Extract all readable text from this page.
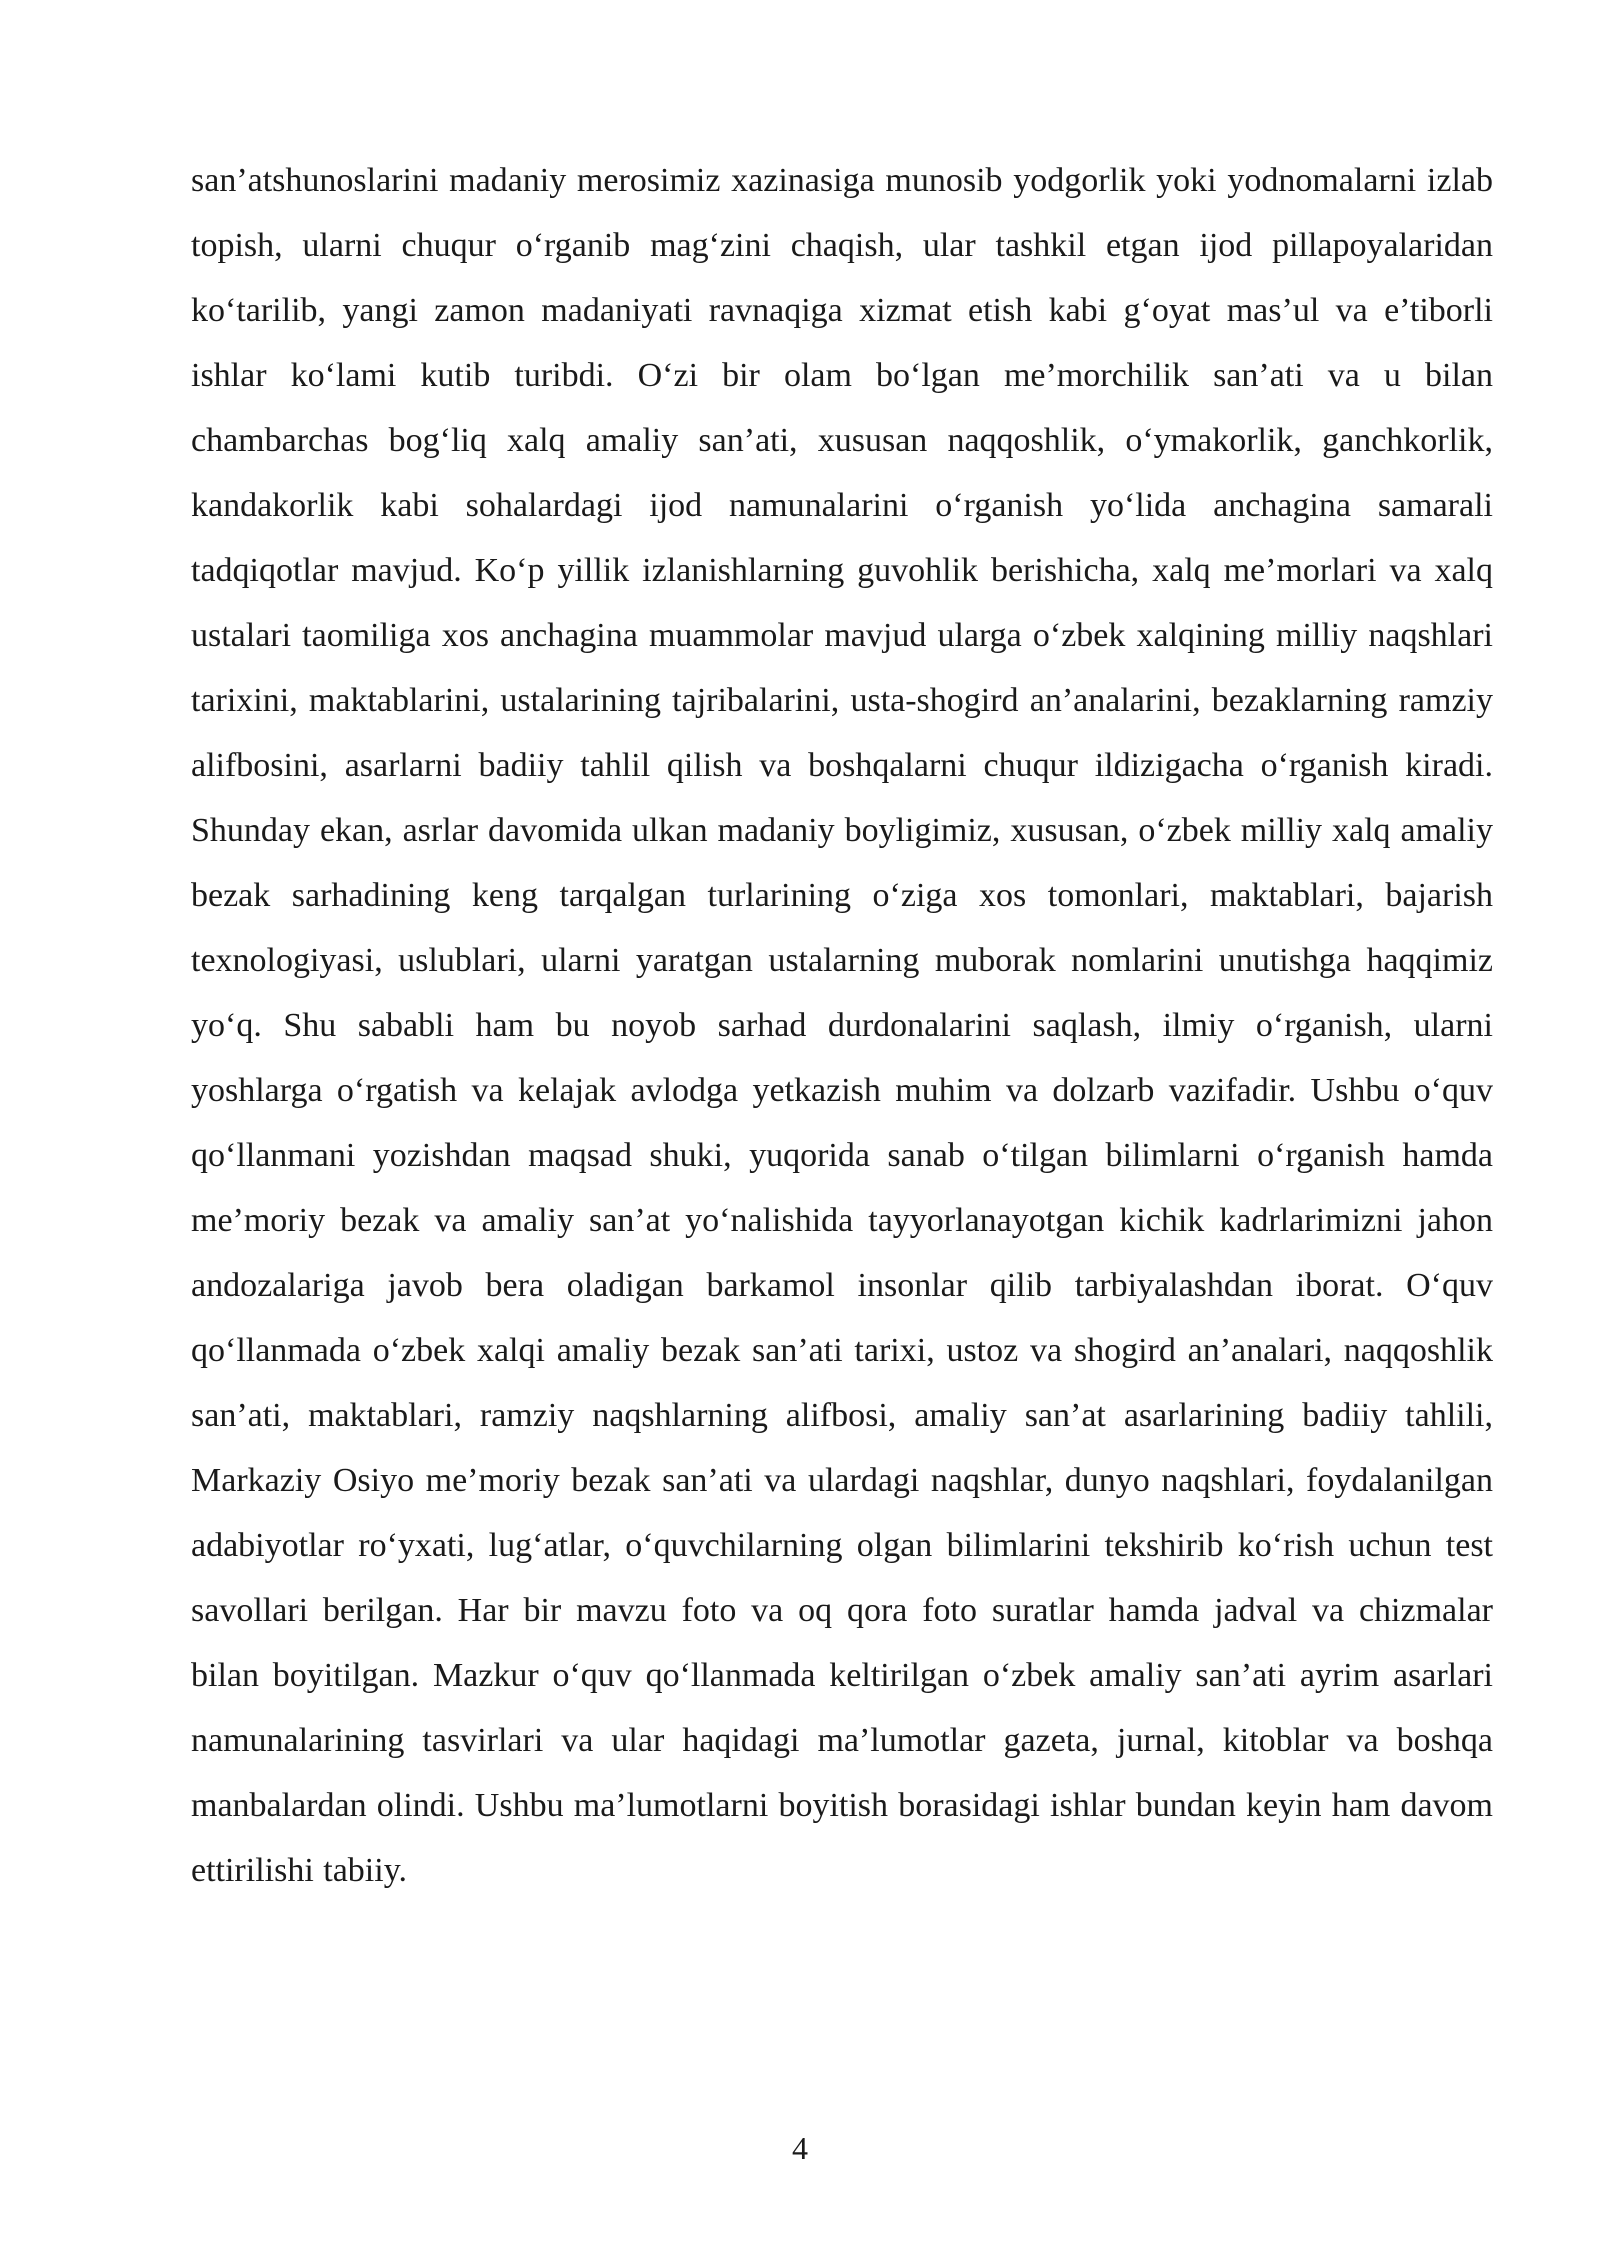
san’atshunoslarini madaniy merosimiz xazinasiga munosib yodgorlik yoki yodnomalarni izlab topish, ularni chuqur o‘rganib mag‘zini chaqish, ular tashkil etgan ijod pillapoyalaridan ko‘tarilib, yangi zamon madaniyati ravnaqiga xizmat etish kabi g‘oyat mas’ul va e’tiborli ishlar ko‘lami kutib turibdi. O‘zi bir olam bo‘lgan me’morchilik san’ati va u bilan chambarchas bog‘liq xalq amaliy san’ati, xususan naqqoshlik, o‘ymakorlik, ganchkorlik, kandakorlik kabi sohalardagi ijod namunalarini o‘rganish yo‘lida anchagina samarali tadqiqotlar mavjud. Ko‘p yillik izlanishlarning guvohlik berishicha, xalq me’morlari va xalq ustalari taomiliga xos anchagina muammolar mavjud ularga o‘zbek xalqining milliy naqshlari tarixini, maktablarini, ustalarining tajribalarini, usta-shogird an’analarini, bezaklarning ramziy alifbosini, asarlarni badiiy tahlil qilish va boshqalarni chuqur ildizigacha o‘rganish kiradi. Shunday ekan, asrlar davomida ulkan madaniy boyligimiz, xususan, o‘zbek milliy xalq amaliy bezak sarhadining keng tarqalgan turlarining o‘ziga xos tomonlari, maktablari, bajarish texnologiyasi, uslublari, ularni yaratgan ustalarning muborak nomlarini unutishga haqqimiz yo‘q. Shu sababli ham bu noyob sarhad durdonalarini saqlash, ilmiy o‘rganish, ularni yoshlarga o‘rgatish va kelajak avlodga yetkazish muhim va dolzarb vazifadir. Ushbu o‘quv qo‘llanmani yozishdan maqsad shuki, yuqorida sanab o‘tilgan bilimlarni o‘rganish hamda me’moriy bezak va amaliy san’at yo‘nalishida tayyorlanayotgan kichik kadrlarimizni jahon andozalariga javob bera oladigan barkamol insonlar qilib tarbiyalashdan iborat. O‘quv qo‘llanmada o‘zbek xalqi amaliy bezak san’ati tarixi, ustoz va shogird an’analari, naqqoshlik san’ati, maktablari, ramziy naqshlarning alifbosi, amaliy san’at asarlarining badiiy tahlili, Markaziy Osiyo me’moriy bezak san’ati va ulardagi naqshlar, dunyo naqshlari, foydalanilgan adabiyotlar ro‘yxati, lug‘atlar, o‘quvchilarning olgan bilimlarini tekshirib ko‘rish uchun test savollari berilgan. Har bir mavzu foto va oq qora foto suratlar hamda jadval va chizmalar bilan boyitilgan. Mazkur o‘quv qo‘llanmada keltirilgan o‘zbek amaliy san’ati ayrim asarlari namunalarining tasvirlari va ular haqidagi ma’lumotlar gazeta, jurnal, kitoblar va boshqa manbalardan olindi. Ushbu ma’lumotlarni boyitish borasidagi ishlar bundan keyin ham davom ettirilishi tabiiy.

4
